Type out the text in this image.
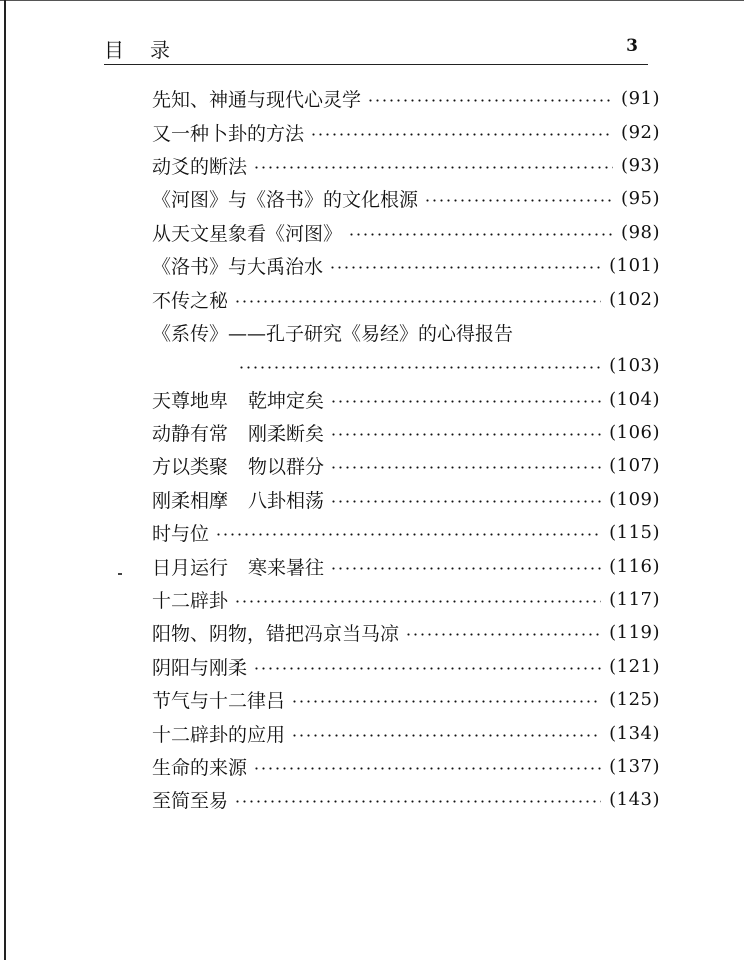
目录	3
先知、神通与现代心灵学	(91)
又一种卜卦的方法	(92)
动爻的断法	(93)
《河图》与《洛书》的文化根源	(95)
从天文星象看《河图》	(98)
《洛书》与大禹治水	(101)
不传之秘	(102)
《系传》——孔子研究《易经》的心得报告
(103)
天尊地卑 乾坤定矣	(104)
动静有常 刚柔断矣	(106)
方以类聚 物以群分	(107)
刚柔相摩 八卦相荡	(109)
时与位	(115)
日月运行 寒来暑往	(116)
十二辟卦	(117)
阳物、阴物，错把冯京当马凉	(119)
阴阳与刚柔	(121)
节气与十二律吕	(125)
十二辟卦的应用	(134)
生命的来源	(137)
至简至易	(143)
